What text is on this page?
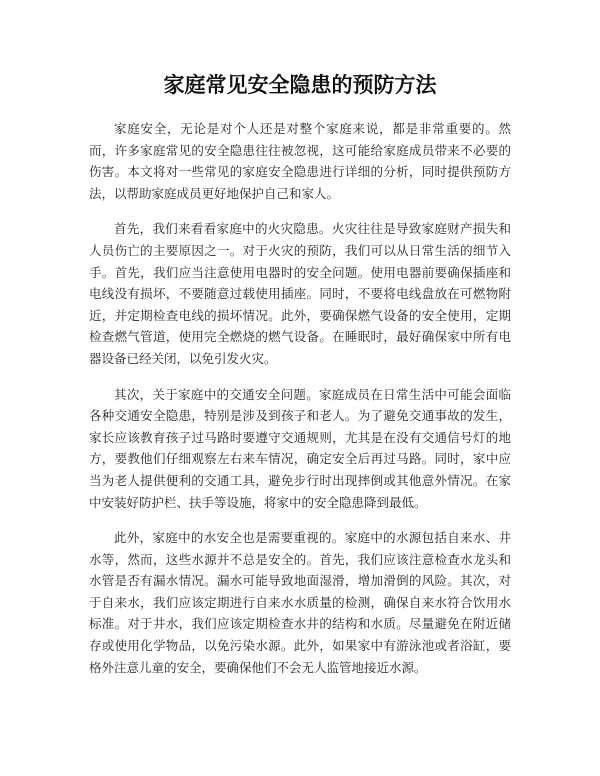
家庭常见安全隐患的预防方法

家庭安全，无论是对个人还是对整个家庭来说，都是非常重要的。然而，许多家庭常见的安全隐患往往被忽视，这可能给家庭成员带来不必要的伤害。本文将对一些常见的家庭安全隐患进行详细的分析，同时提供预防方法，以帮助家庭成员更好地保护自己和家人。

首先，我们来看看家庭中的火灾隐患。火灾往往是导致家庭财产损失和人员伤亡的主要原因之一。对于火灾的预防，我们可以从日常生活的细节入手。首先，我们应当注意使用电器时的安全问题。使用电器前要确保插座和电线没有损坏，不要随意过载使用插座。同时，不要将电线盘放在可燃物附近，并定期检查电线的损坏情况。此外，要确保燃气设备的安全使用，定期检查燃气管道，使用完全燃烧的燃气设备。在睡眠时，最好确保家中所有电器设备已经关闭，以免引发火灾。

其次，关于家庭中的交通安全问题。家庭成员在日常生活中可能会面临各种交通安全隐患，特别是涉及到孩子和老人。为了避免交通事故的发生，家长应该教育孩子过马路时要遵守交通规则，尤其是在没有交通信号灯的地方，要教他们仔细观察左右来车情况，确定安全后再过马路。同时，家中应当为老人提供便利的交通工具，避免步行时出现摔倒或其他意外情况。在家中安装好防护栏、扶手等设施，将家中的安全隐患降到最低。

此外，家庭中的水安全也是需要重视的。家庭中的水源包括自来水、井水等，然而，这些水源并不总是安全的。首先，我们应该注意检查水龙头和水管是否有漏水情况。漏水可能导致地面湿滑，增加滑倒的风险。其次，对于自来水，我们应该定期进行自来水水质量的检测，确保自来水符合饮用水标准。对于井水，我们应该定期检查水井的结构和水质。尽量避免在附近储存或使用化学物品，以免污染水源。此外，如果家中有游泳池或者浴缸，要格外注意儿童的安全，要确保他们不会无人监管地接近水源。
